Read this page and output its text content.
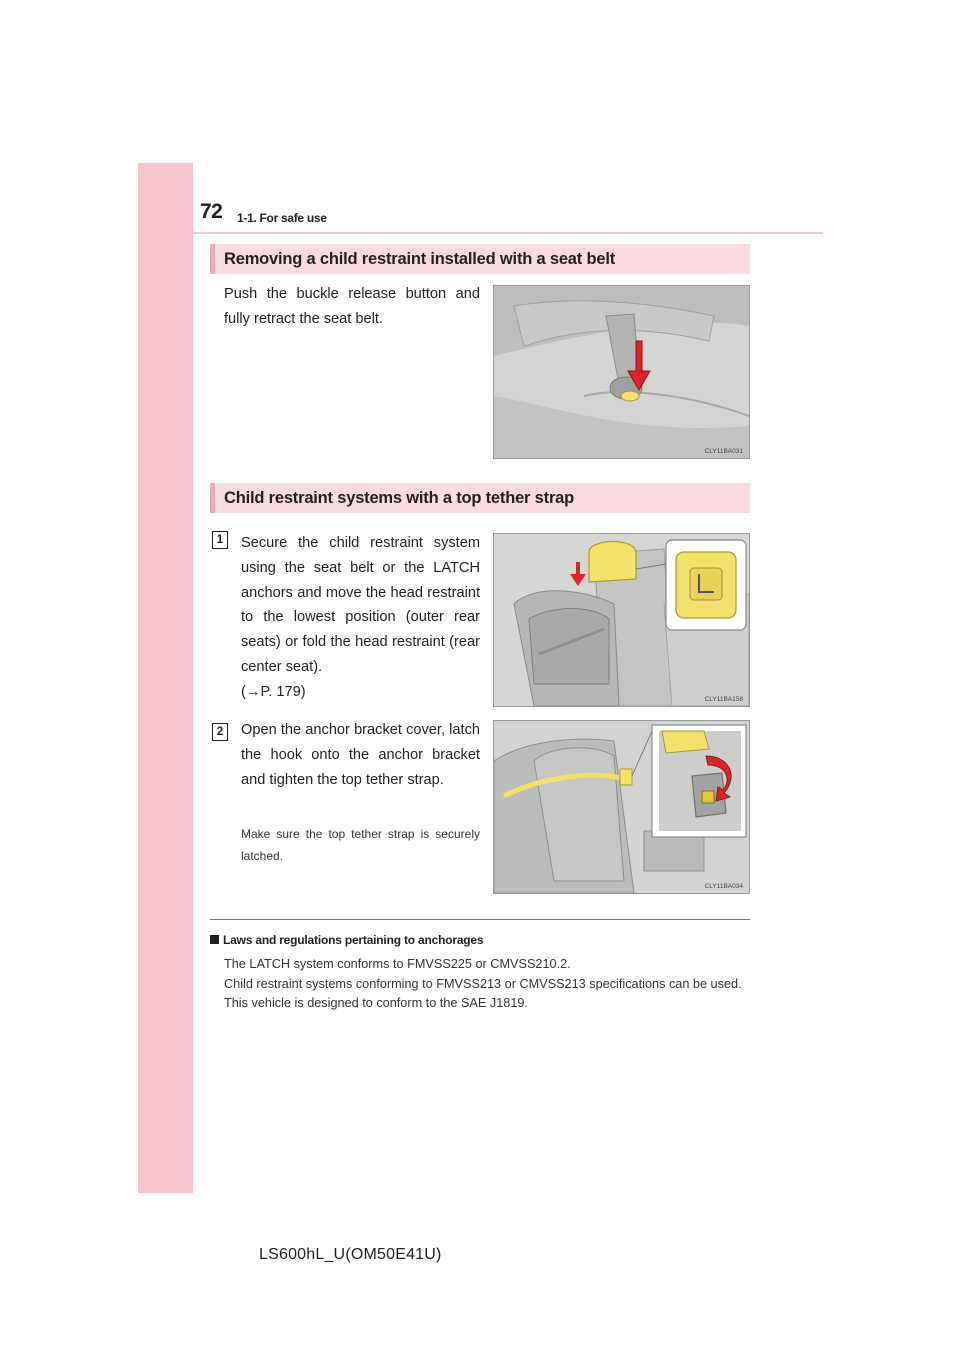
72 1-1. For safe use
Removing a child restraint installed with a seat belt

Push the buckle release button and fully retract the seat belt.

CLY11BA031
Child restraint systems with a top tether strap
1	Secure the child restraint system using the seat belt or the LATCH anchors and move the head restraint to the lowest position (outer rear seats) or fold the head restraint (rear center seat).
(→P. 179)	CLY11BA158
2	Open the anchor bracket cover, latch the hook onto the anchor bracket and tighten the top tether strap.

Make sure the top tether strap is securely latched.

CLY11BA034
Laws and regulations pertaining to anchorages
The LATCH system conforms to FMVSS225 or CMVSS210.2.
Child restraint systems conforming to FMVSS213 or CMVSS213 specifications can be used.
This vehicle is designed to conform to the SAE J1819.
LS600hL_U(OM50E41U)
